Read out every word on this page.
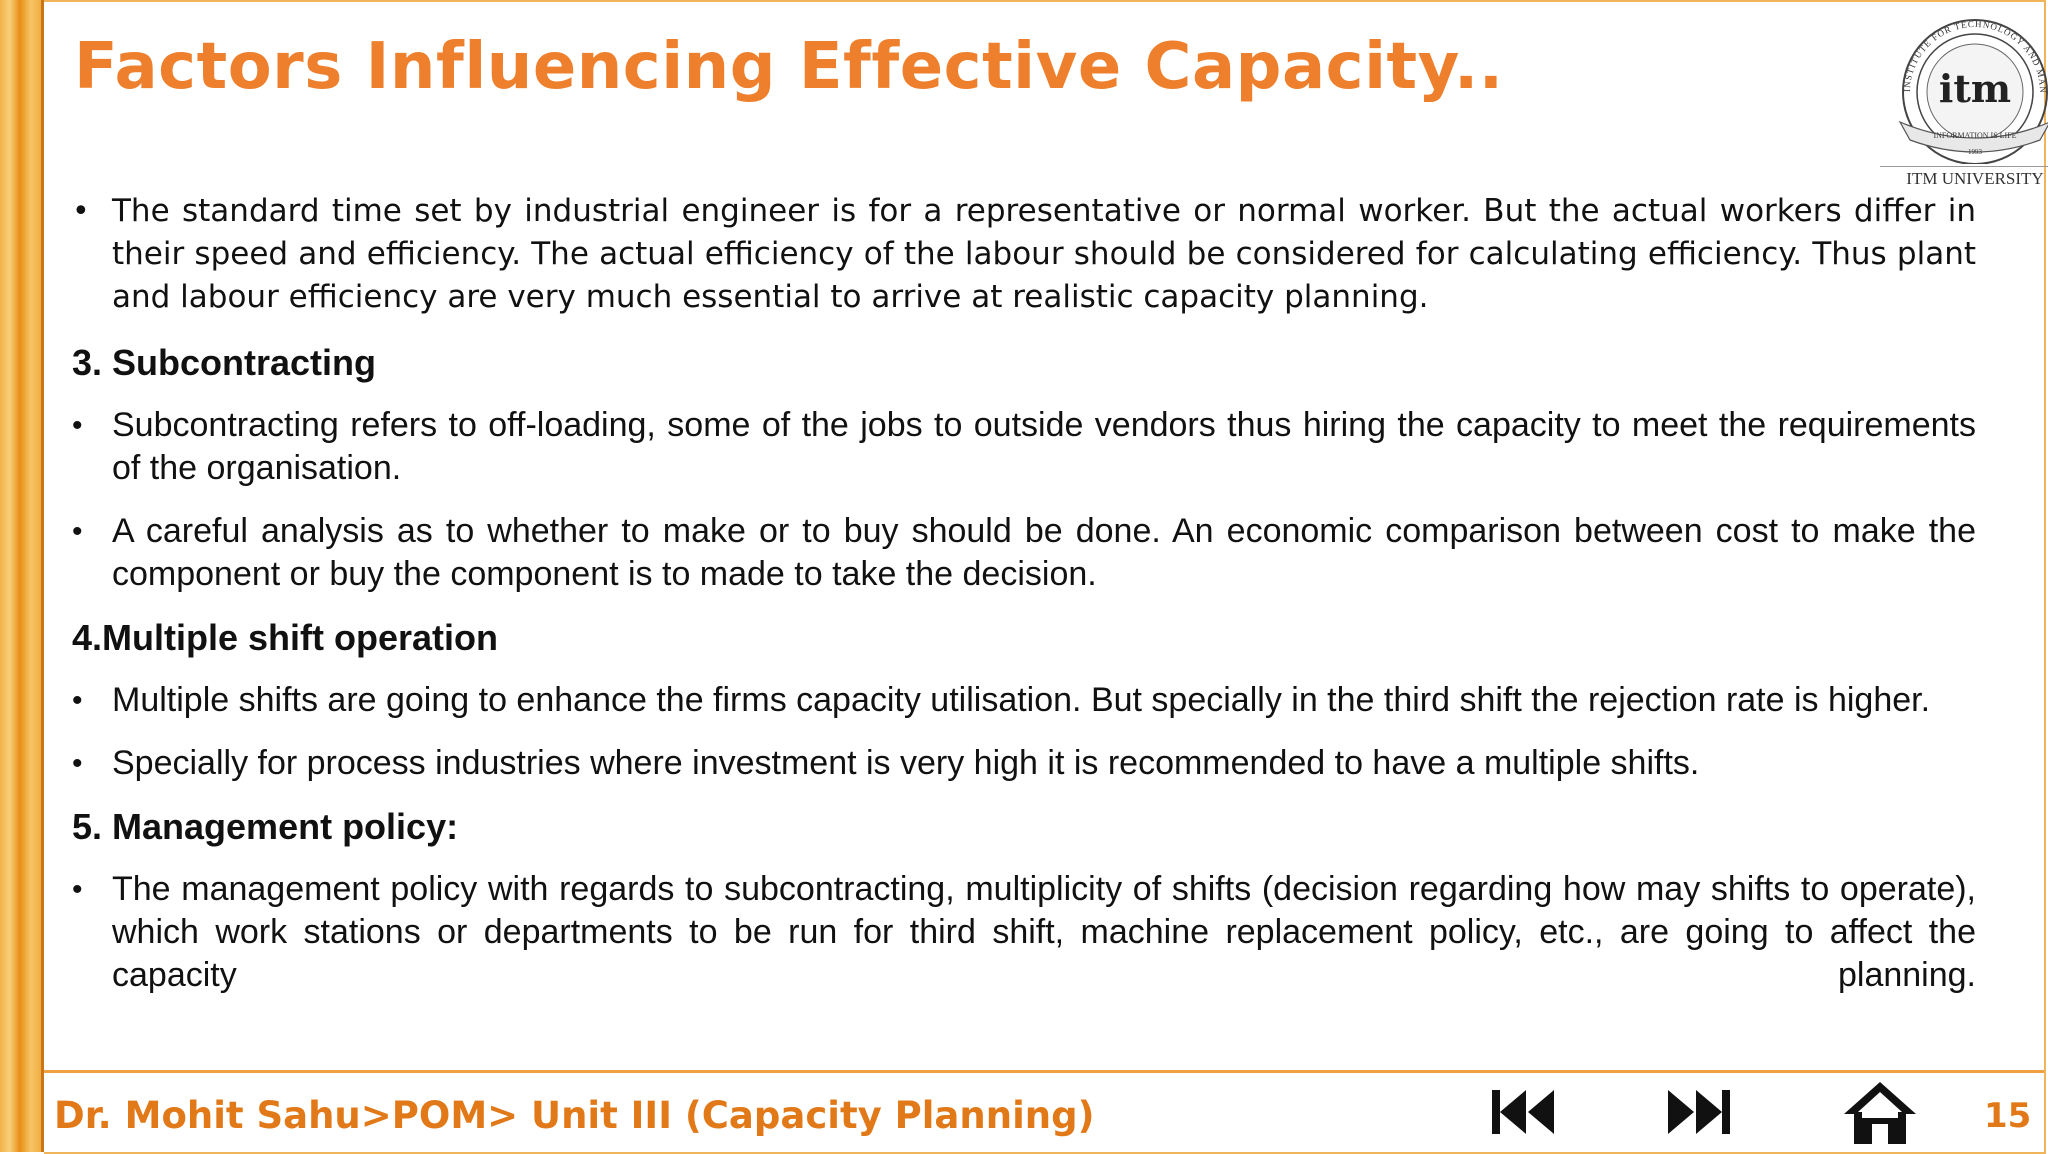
Factors Influencing Effective Capacity..	INSTITUTE FOR TECHNOLOGY AND MAN
itm
INFORMATION IS LIFE
1993
ITM UNIVERSITY
• The standard time set by industrial engineer is for a representative or normal worker. But the actual workers differ in their speed and efficiency. The actual efficiency of the labour should be considered for calculating efficiency. Thus plant and labour efficiency are very much essential to arrive at realistic capacity planning.
3. Subcontracting
• Subcontracting refers to off-loading, some of the jobs to outside vendors thus hiring the capacity to meet the requirements of the organisation.
• A careful analysis as to whether to make or to buy should be done. An economic comparison between cost to make the component or buy the component is to made to take the decision.
4.Multiple shift operation
• Multiple shifts are going to enhance the firms capacity utilisation. But specially in the third shift the rejection rate is higher.
• Specially for process industries where investment is very high it is recommended to have a multiple shifts.
5. Management policy:
• The management policy with regards to subcontracting, multiplicity of shifts (decision regarding how may shifts to operate), which work stations or departments to be run for third shift, machine replacement policy, etc., are going to affect the capacity planning.
Dr. Mohit Sahu>POM> Unit III (Capacity Planning)	15
